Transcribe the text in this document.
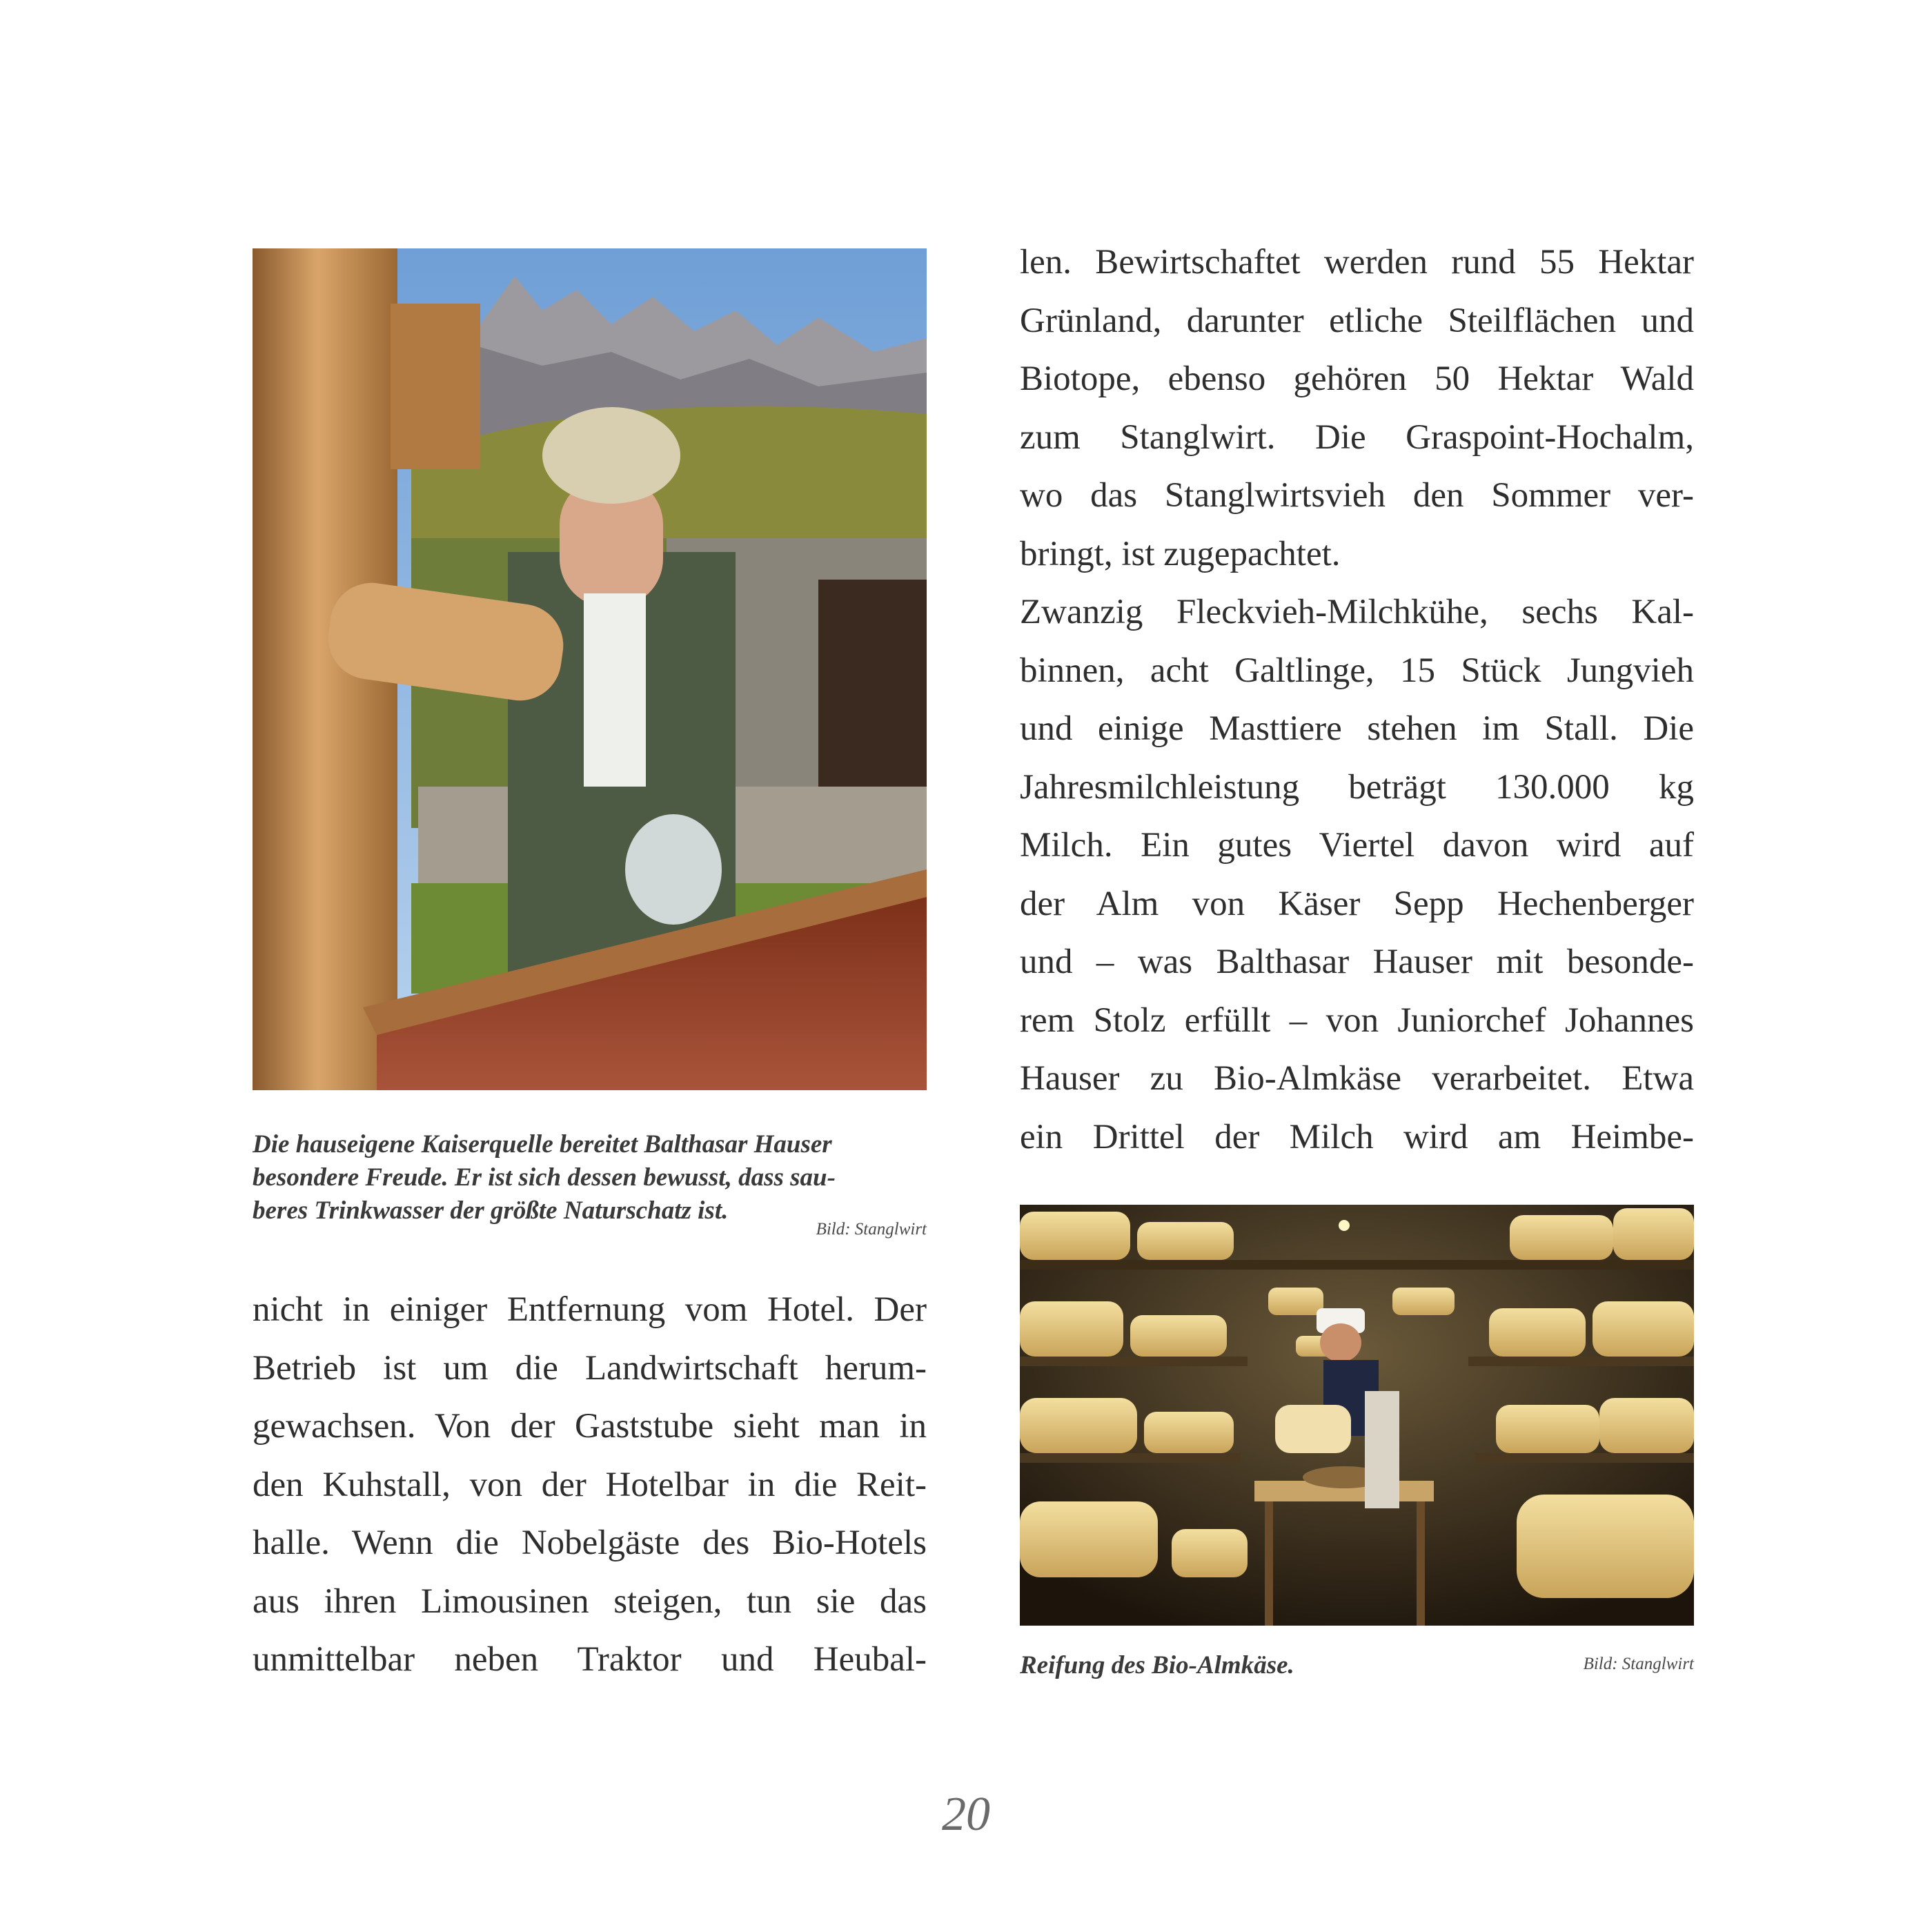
Die hauseigene Kaiserquelle bereitet Balthasar Hauser
besondere Freude. Er ist sich dessen bewusst, dass sau-
beres Trinkwasser der größte Naturschatz ist.

Bild: Stanglwirt
nicht in einiger Entfernung vom Hotel. Der
Betrieb ist um die Landwirtschaft herum-
gewachsen. Von der Gaststube sieht man in
den Kuhstall, von der Hotelbar in die Reit-
halle. Wenn die Nobelgäste des Bio-Hotels
aus ihren Limousinen steigen, tun sie das
unmittelbar neben Traktor und Heubal-
len. Bewirtschaftet werden rund 55 Hektar
Grünland, darunter etliche Steilflächen und
Biotope, ebenso gehören 50 Hektar Wald
zum Stanglwirt. Die Graspoint-Hochalm,
wo das Stanglwirtsvieh den Sommer ver-
bringt, ist zugepachtet.
Zwanzig Fleckvieh-Milchkühe, sechs Kal-
binnen, acht Galtlinge, 15 Stück Jungvieh
und einige Masttiere stehen im Stall. Die
Jahresmilchleistung beträgt 130.000 kg
Milch. Ein gutes Viertel davon wird auf
der Alm von Käser Sepp Hechenberger
und – was Balthasar Hauser mit besonde-
rem Stolz erfüllt – von Juniorchef Johannes
Hauser zu Bio-Almkäse verarbeitet. Etwa
ein Drittel der Milch wird am Heimbe-
Reifung des Bio-Almkäse.	Bild: Stanglwirt
20
